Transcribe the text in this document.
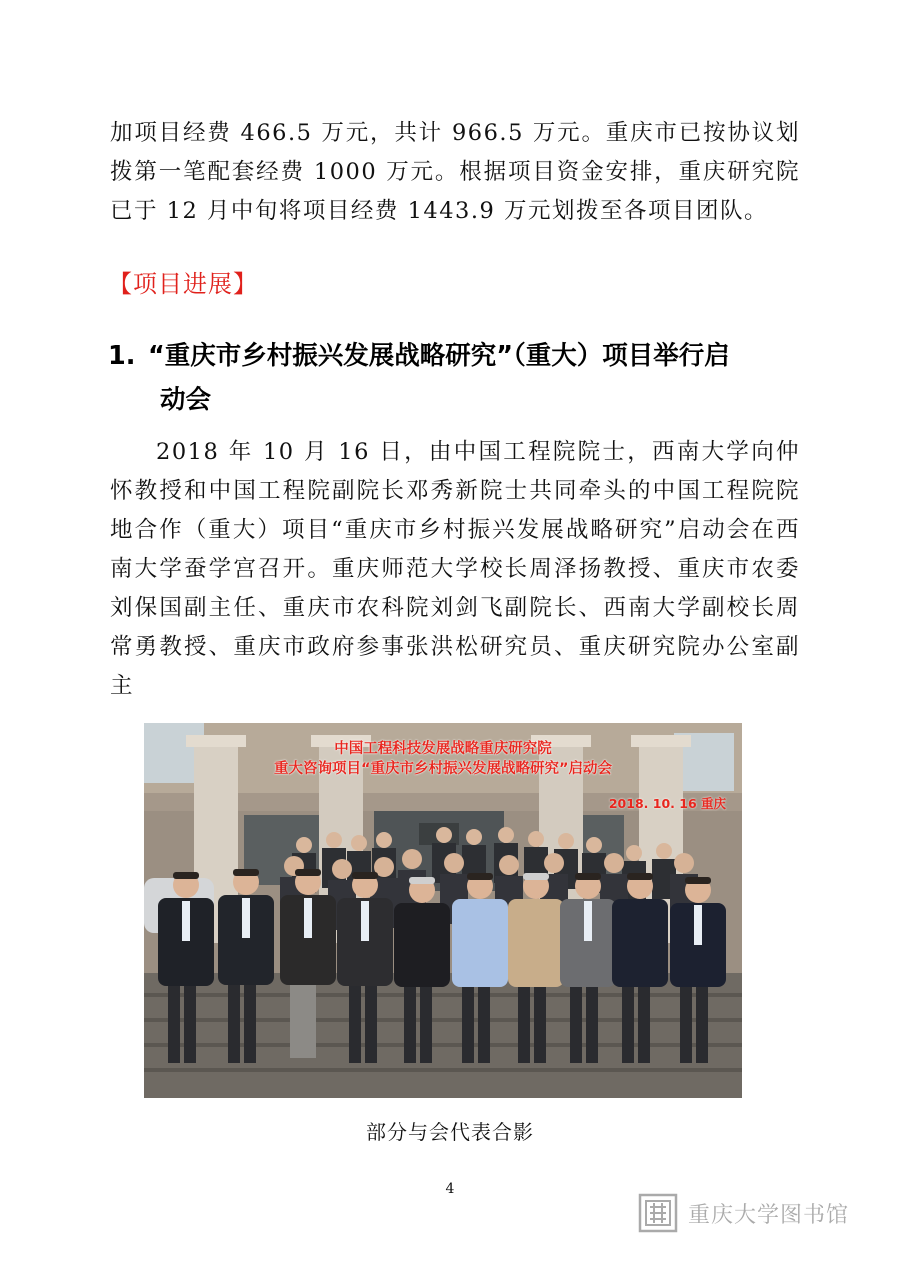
加项目经费 466.5 万元，共计 966.5 万元。重庆市已按协议划拨第一笔配套经费 1000 万元。根据项目资金安排，重庆研究院已于 12 月中旬将项目经费 1443.9 万元划拨至各项目团队。

【项目进展】
1. “重庆市乡村振兴发展战略研究”（重大）项目举行启
动会

2018 年 10 月 16 日，由中国工程院院士，西南大学向仲怀教授和中国工程院副院长邓秀新院士共同牵头的中国工程院院地合作（重大）项目“重庆市乡村振兴发展战略研究”启动会在西南大学蚕学宫召开。重庆师范大学校长周泽扬教授、重庆市农委刘保国副主任、重庆市农科院刘剑飞副院长、西南大学副校长周常勇教授、重庆市政府参事张洪松研究员、重庆研究院办公室副主

中国工程科技发展战略重庆研究院
重大咨询项目“重庆市乡村振兴发展战略研究”启动会
2018. 10. 16 重庆
部分与会代表合影
4
重庆大学图书馆
